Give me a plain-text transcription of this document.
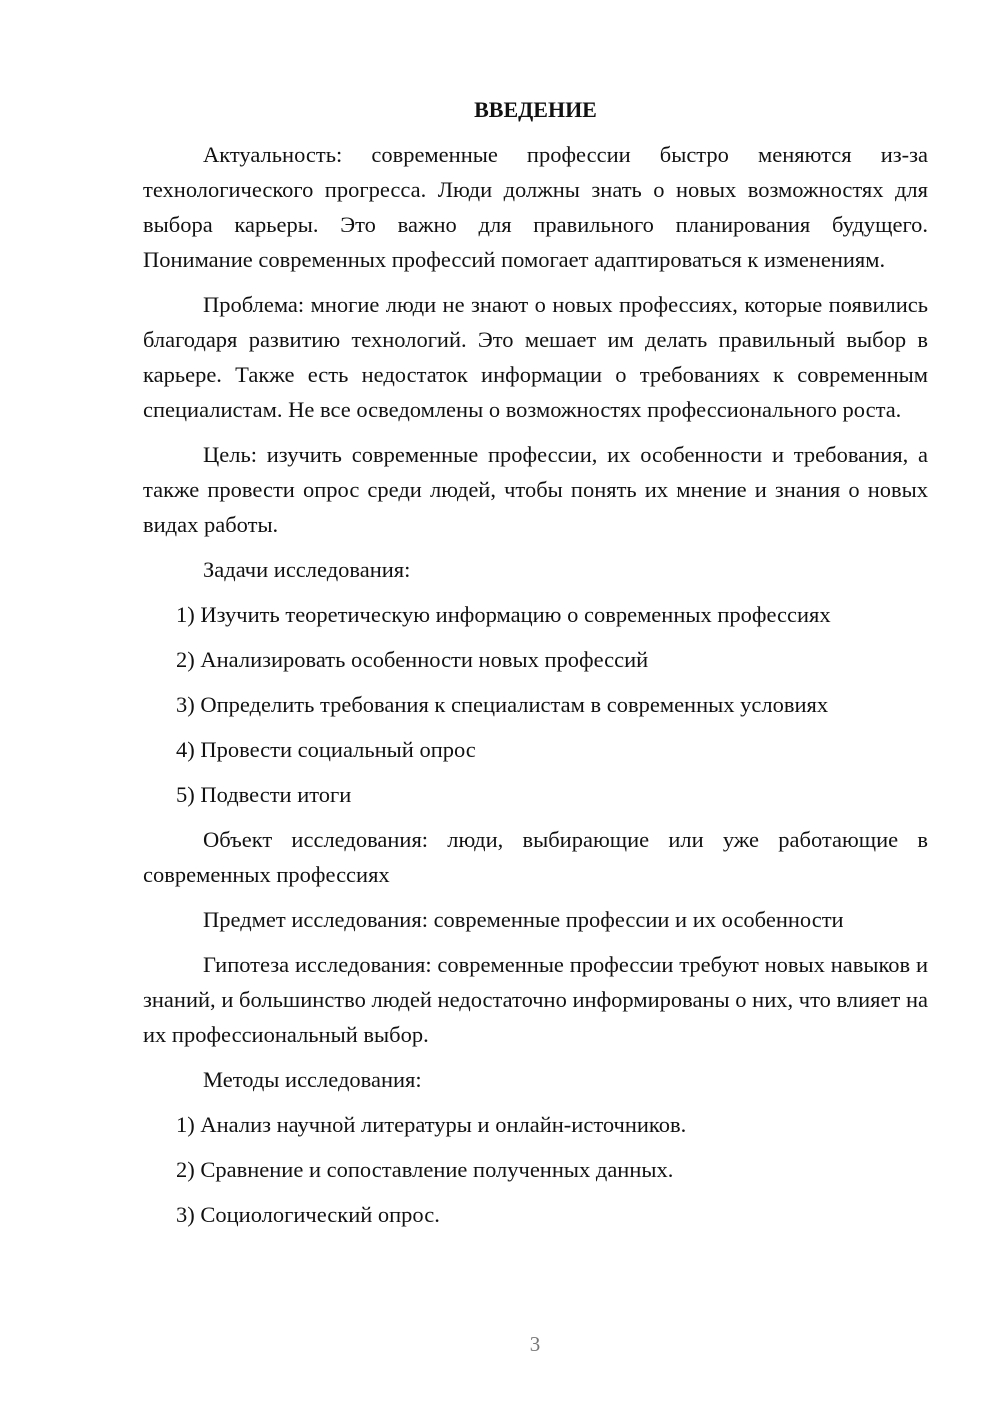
ВВЕДЕНИЕ

Актуальность: современные профессии быстро меняются из-за технологического прогресса. Люди должны знать о новых возможностях для выбора карьеры. Это важно для правильного планирования будущего. Понимание современных профессий помогает адаптироваться к изменениям.

Проблема: многие люди не знают о новых профессиях, которые появились благодаря развитию технологий. Это мешает им делать правильный выбор в карьере. Также есть недостаток информации о требованиях к современным специалистам. Не все осведомлены о возможностях профессионального роста.

Цель: изучить современные профессии, их особенности и требования, а также провести опрос среди людей, чтобы понять их мнение и знания о новых видах работы.

Задачи исследования:

1) Изучить теоретическую информацию о современных профессиях

2) Анализировать особенности новых профессий

3) Определить требования к специалистам в современных условиях

4) Провести социальный опрос

5) Подвести итоги

Объект исследования: люди, выбирающие или уже работающие в современных профессиях

Предмет исследования: современные профессии и их особенности

Гипотеза исследования: современные профессии требуют новых навыков и знаний, и большинство людей недостаточно информированы о них, что влияет на их профессиональный выбор.

Методы исследования:

1) Анализ научной литературы и онлайн-источников.

2) Сравнение и сопоставление полученных данных.

3) Социологический опрос.

3
